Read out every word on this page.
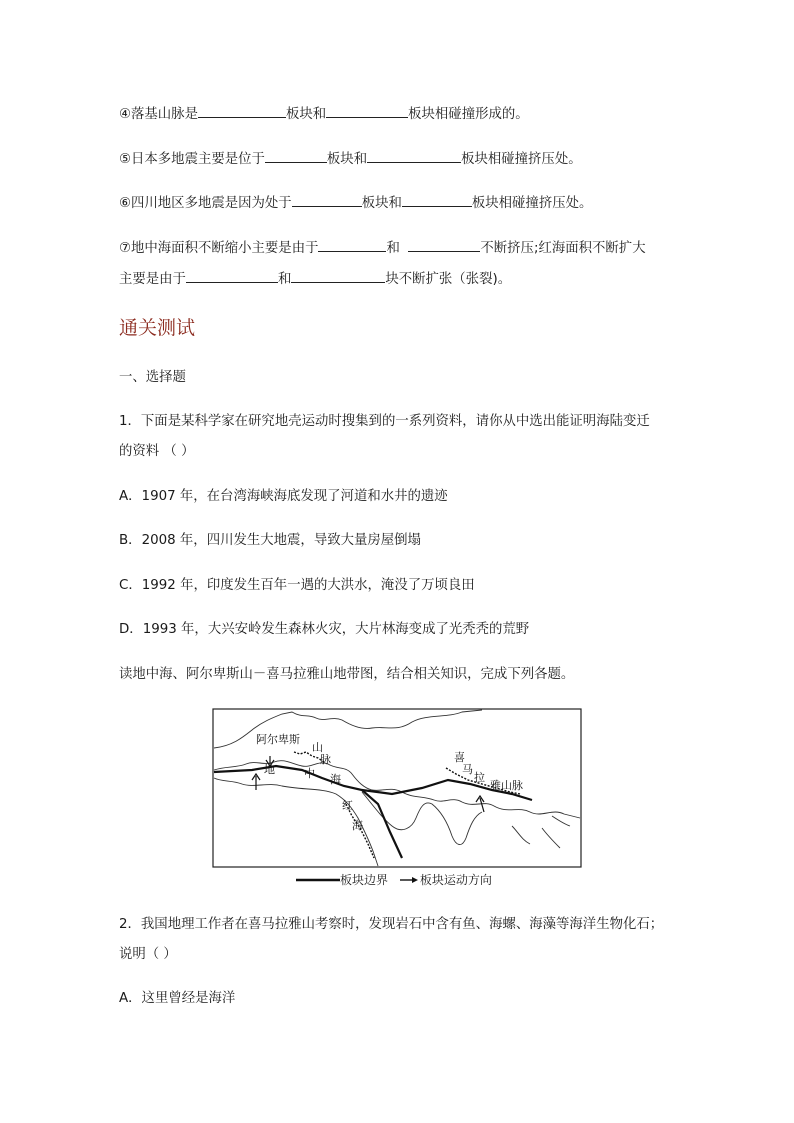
④落基山脉是	板块和	板块相碰撞形成的。
⑤日本多地震主要是位于	板块和	板块相碰撞挤压处。
⑥四川地区多地震是因为处于	板块和	板块相碰撞挤压处。
⑦地中海面积不断缩小主要是由于	和	不断挤压;红海面积不断扩大
主要是由于	和	块不断扩张（张裂)。
通关测试
一、选择题
1．下面是某科学家在研究地壳运动时搜集到的一系列资料，请你从中选出能证明海陆变迁
的资料 （ ）
A．1907 年，在台湾海峡海底发现了河道和水井的遗迹
B．2008 年，四川发生大地震，导致大量房屋倒塌
C．1992 年，印度发生百年一遇的大洪水，淹没了万顷良田
D．1993 年，大兴安岭发生森林火灾，大片林海变成了光秃秃的荒野
读地中海、阿尔卑斯山－喜马拉雅山地带图，结合相关知识，完成下列各题。
阿尔卑斯
山
脉
地	中 海
红
海
喜
马
拉
雅山脉
板块边界
	板块运动方向
2．我国地理工作者在喜马拉雅山考察时，发现岩石中含有鱼、海螺、海藻等海洋生物化石；
说明（ ）
A．这里曾经是海洋
